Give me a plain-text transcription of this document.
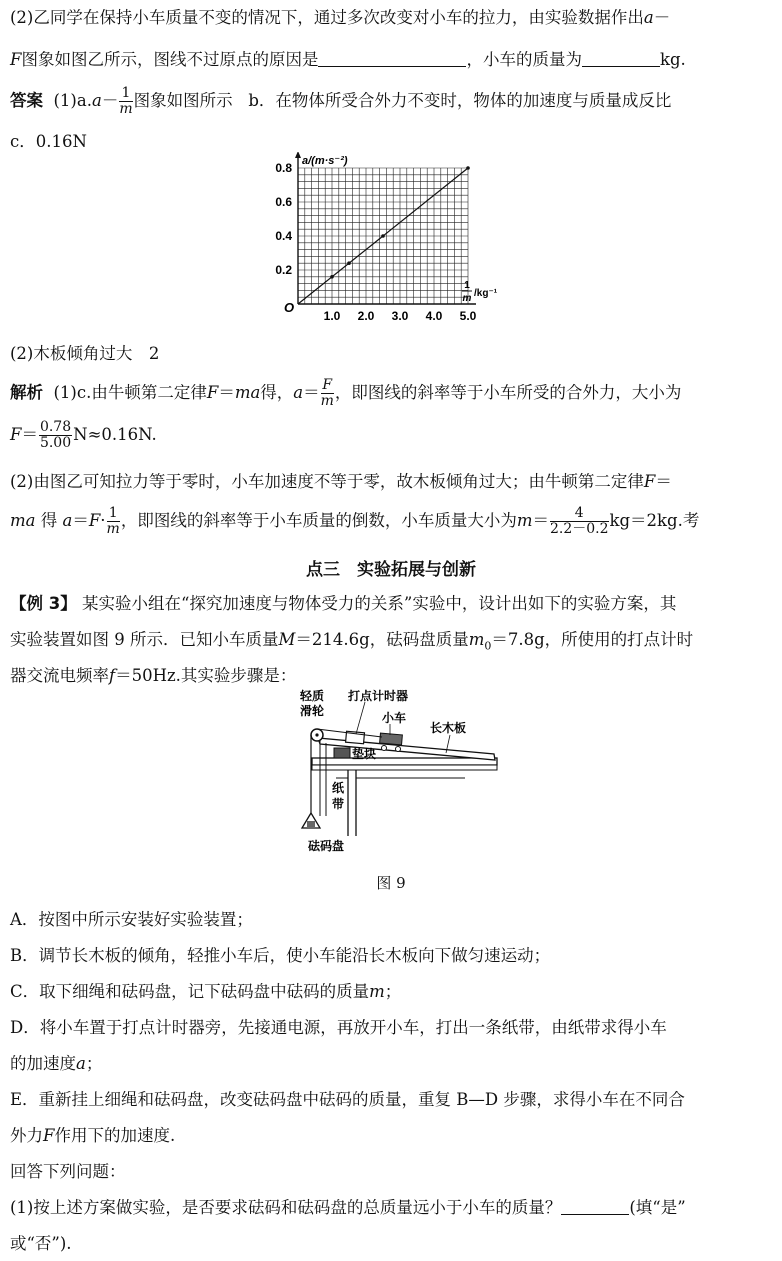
(2)乙同学在保持小车质量不变的情况下，通过多次改变对小车的拉力，由实验数据作出a－
F图象如图乙所示，图线不过原点的原因是	，小车的质量为	kg.
答案 $(1)a.a- \frac{1}{m}$ 图象如图所示 b．在物体所受合外力不变时，物体的加速度与质量成反比
c．0.16N
0.2
0.4
0.6
0.8
1.0 2.0 3.0 4.0 5.0
O
a/(m·s⁻²)
1
m /kg⁻¹
(2)木板倾角过大　2
解析 (1)c.由牛顿第二定律F＝ma得，$a= \frac{F}{m}$ ，即图线的斜率等于小车所受的合外力，大小为
$F= \frac{0.78}{5.00} N\approx 0.16N$.
(2)由图乙可知拉力等于零时，小车加速度不等于零，故木板倾角过大；由牛顿第二定律F＝
ma 得 $a=F\cdot \frac{1}{m}$ ，即图线的斜率等于小车质量的倒数，小车质量大小为$m= \frac{4}{2.2-0.2} kg=2kg$.考
点三　实验拓展与创新
【例 3】 某实验小组在“探究加速度与物体受力的关系”实验中，设计出如下的实验方案，其
实验装置如图 9 所示．已知小车质量M＝214.6g，砝码盘质量$m_0=7.8g$，所使用的打点计时
器交流电频率f＝50Hz.其实验步骤是：
轻质
滑轮
打点计时器
小车
长木板
垫块
纸
带
砝码盘
图 9
A．按图中所示安装好实验装置；
B．调节长木板的倾角，轻推小车后，使小车能沿长木板向下做匀速运动；
C．取下细绳和砝码盘，记下砝码盘中砝码的质量m；
D．将小车置于打点计时器旁，先接通电源，再放开小车，打出一条纸带，由纸带求得小车
的加速度a；
E．重新挂上细绳和砝码盘，改变砝码盘中砝码的质量，重复 B—D 步骤，求得小车在不同合
外力F作用下的加速度.
回答下列问题：
(1)按上述方案做实验，是否要求砝码和砝码盘的总质量远小于小车的质量？	(填“是”
或“否”).
